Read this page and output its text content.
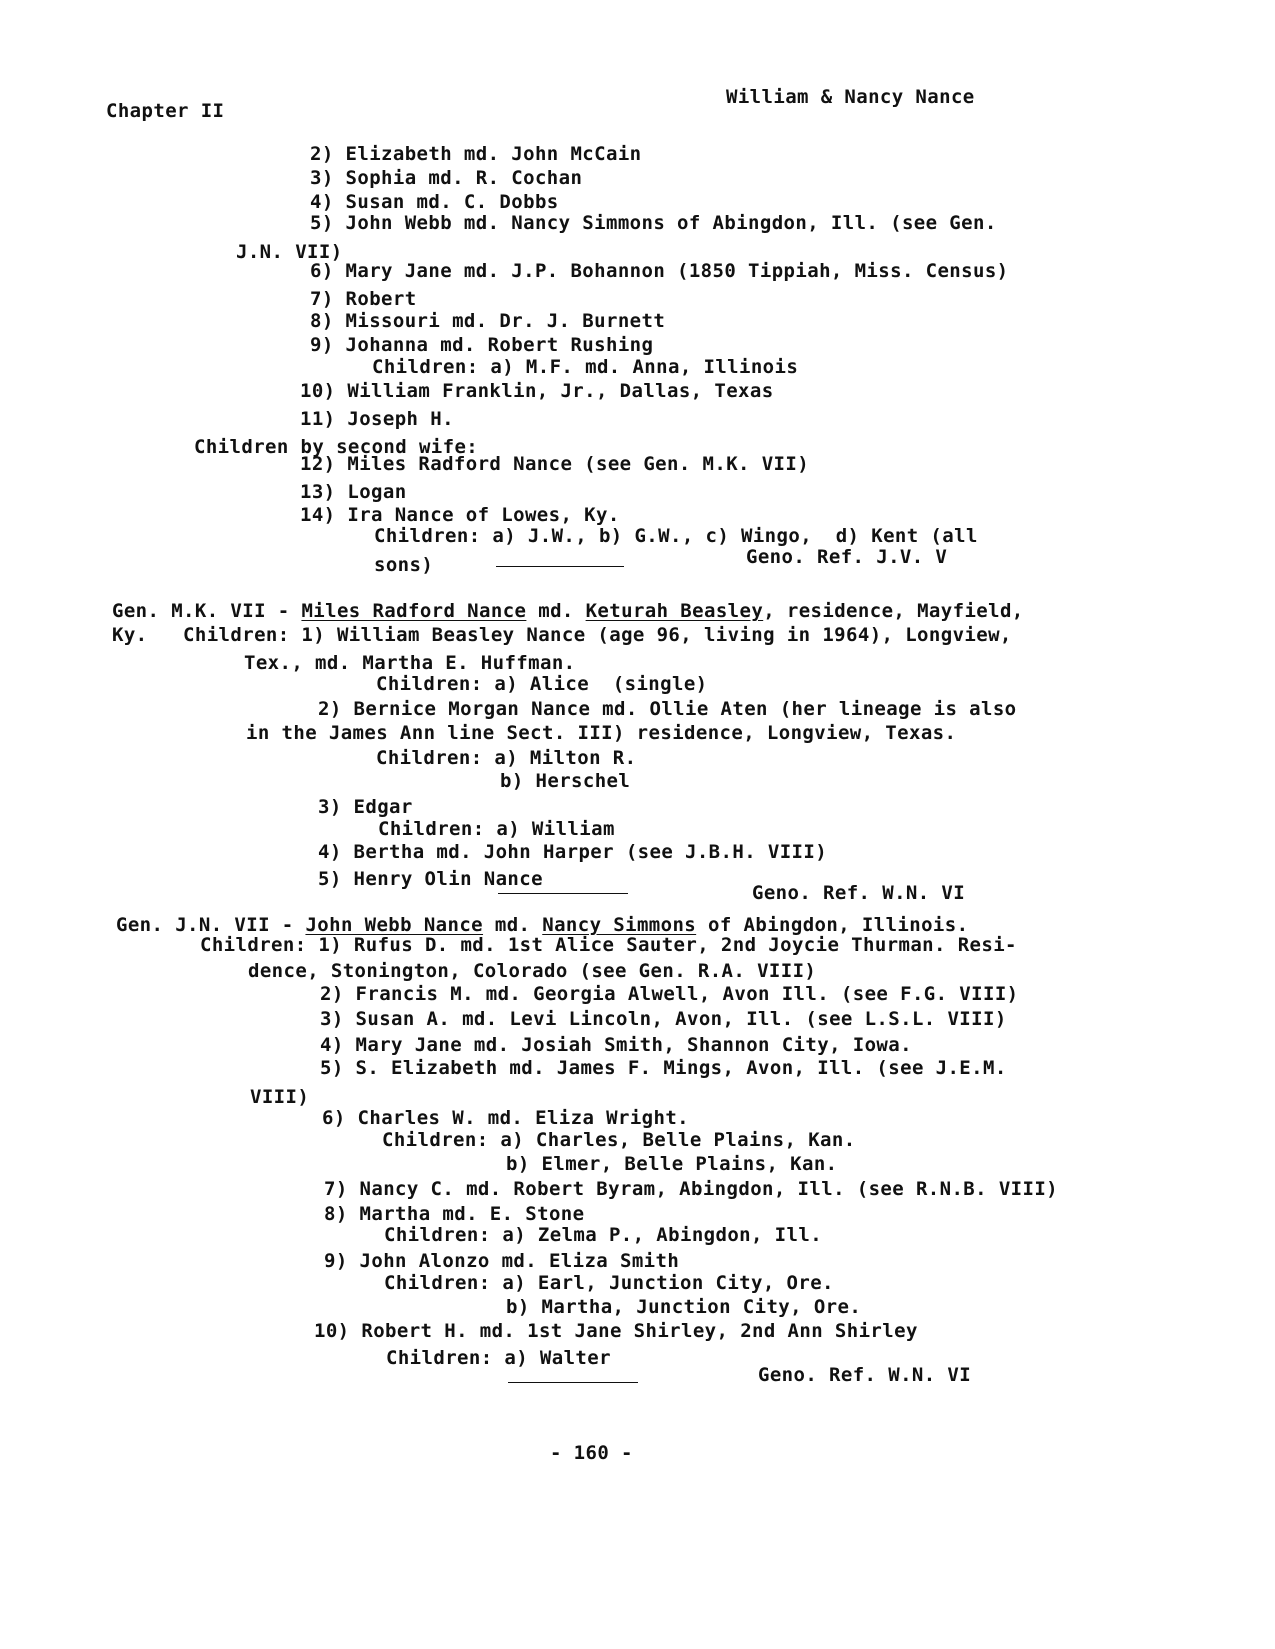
Chapter II
William & Nancy Nance
2) Elizabeth md. John McCain
3) Sophia md. R. Cochan
4) Susan md. C. Dobbs
5) John Webb md. Nancy Simmons of Abingdon, Ill. (see Gen.
J.N. VII)
6) Mary Jane md. J.P. Bohannon (1850 Tippiah, Miss. Census)
7) Robert
8) Missouri md. Dr. J. Burnett
9) Johanna md. Robert Rushing
Children: a) M.F. md. Anna, Illinois
10) William Franklin, Jr., Dallas, Texas
11) Joseph H.
Children by second wife:
12) Miles Radford Nance (see Gen. M.K. VII)
13) Logan
14) Ira Nance of Lowes, Ky.
Children: a) J.W., b) G.W., c) Wingo,  d) Kent (all
sons)	Geno. Ref. J.V. V
Gen. M.K. VII - Miles Radford Nance md. Keturah Beasley, residence, Mayfield,
Ky.   Children: 1) William Beasley Nance (age 96, living in 1964), Longview,
Tex., md. Martha E. Huffman.
Children: a) Alice  (single)
2) Bernice Morgan Nance md. Ollie Aten (her lineage is also
in the James Ann line Sect. III) residence, Longview, Texas.
Children: a) Milton R.
b) Herschel
3) Edgar
Children: a) William
4) Bertha md. John Harper (see J.B.H. VIII)
5) Henry Olin Nance
Geno. Ref. W.N. VI
Gen. J.N. VII - John Webb Nance md. Nancy Simmons of Abingdon, Illinois.
Children: 1) Rufus D. md. 1st Alice Sauter, 2nd Joycie Thurman. Resi-
dence, Stonington, Colorado (see Gen. R.A. VIII)
2) Francis M. md. Georgia Alwell, Avon Ill. (see F.G. VIII)
3) Susan A. md. Levi Lincoln, Avon, Ill. (see L.S.L. VIII)
4) Mary Jane md. Josiah Smith, Shannon City, Iowa.
5) S. Elizabeth md. James F. Mings, Avon, Ill. (see J.E.M.
VIII)
6) Charles W. md. Eliza Wright.
Children: a) Charles, Belle Plains, Kan.
b) Elmer, Belle Plains, Kan.
7) Nancy C. md. Robert Byram, Abingdon, Ill. (see R.N.B. VIII)
8) Martha md. E. Stone
Children: a) Zelma P., Abingdon, Ill.
9) John Alonzo md. Eliza Smith
Children: a) Earl, Junction City, Ore.
b) Martha, Junction City, Ore.
10) Robert H. md. 1st Jane Shirley, 2nd Ann Shirley
Children: a) Walter
Geno. Ref. W.N. VI
- 160 -
